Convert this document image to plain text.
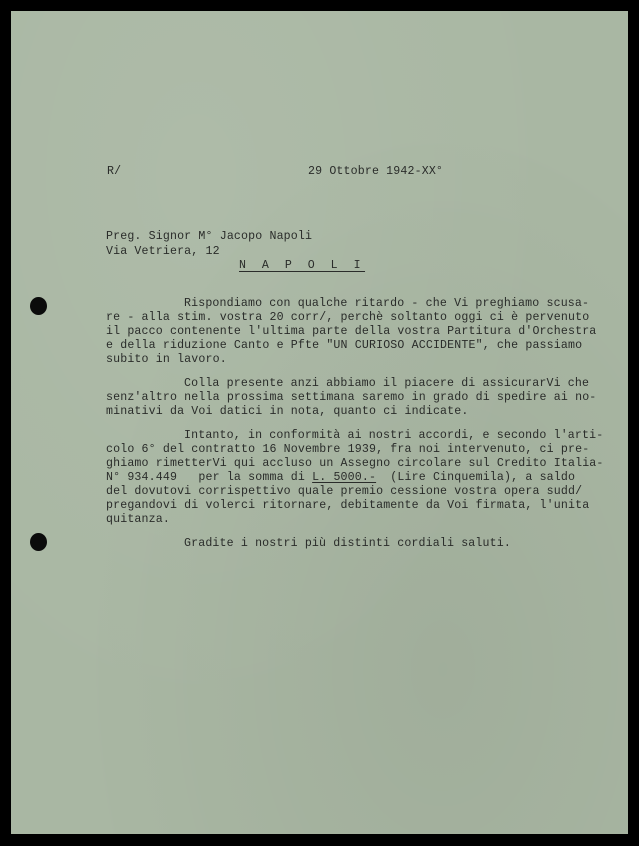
R/	29 Ottobre 1942-XX°
Preg. Signor M° Jacopo Napoli
Via Vetriera, 12
N A P O L I
Rispondiamo con qualche ritardo - che Vi preghiamo scusa-
re - alla stim. vostra 20 corr/, perchè soltanto oggi ci è pervenuto
il pacco contenente l'ultima parte della vostra Partitura d'Orchestra
e della riduzione Canto e Pfte "UN CURIOSO ACCIDENTE", che passiamo
subito in lavoro.
Colla presente anzi abbiamo il piacere di assicurarVi che
senz'altro nella prossima settimana saremo in grado di spedire ai no-
minativi da Voi datici in nota, quanto ci indicate.
Intanto, in conformità ai nostri accordi, e secondo l'arti-
colo 6° del contratto 16 Novembre 1939, fra noi intervenuto, ci pre-
ghiamo rimetterVi qui accluso un Assegno circolare sul Credito Italia-
N° 934.449   per la somma di L. 5000.-  (Lire Cinquemila), a saldo
del dovutovi corrispettivo quale premio cessione vostra opera sudd/
pregandovi di volerci ritornare, debitamente da Voi firmata, l'unita
quitanza.
Gradite i nostri più distinti cordiali saluti.
